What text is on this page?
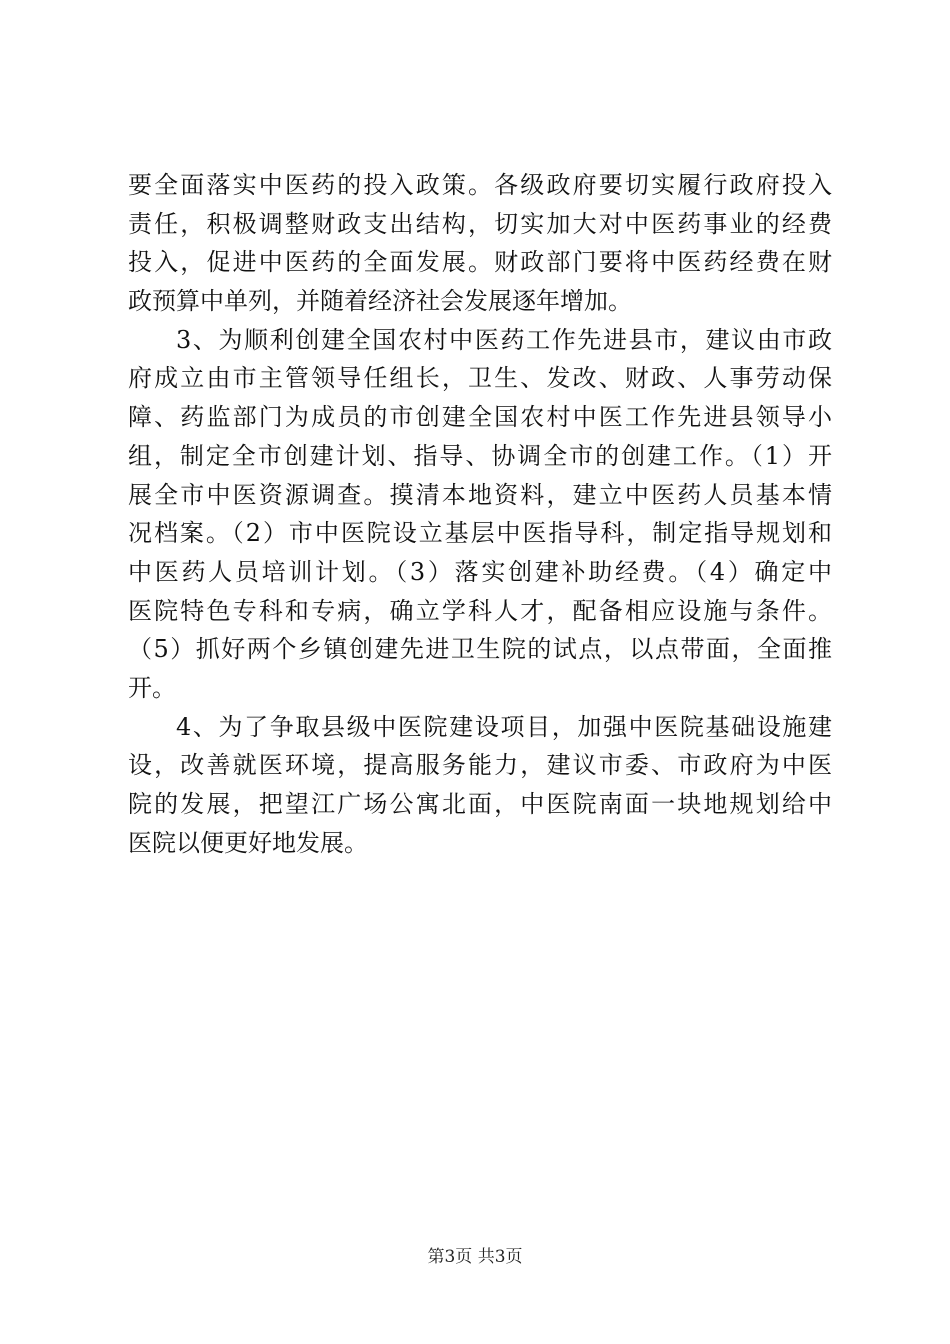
要全面落实中医药的投入政策。各级政府要切实履行政府投入
责任，积极调整财政支出结构，切实加大对中医药事业的经费
投入，促进中医药的全面发展。财政部门要将中医药经费在财
政预算中单列，并随着经济社会发展逐年增加。
3、为顺利创建全国农村中医药工作先进县市，建议由市政
府成立由市主管领导任组长，卫生、发改、财政、人事劳动保
障、药监部门为成员的市创建全国农村中医工作先进县领导小
组，制定全市创建计划、指导、协调全市的创建工作。（1）开
展全市中医资源调查。摸清本地资料，建立中医药人员基本情
况档案。（2）市中医院设立基层中医指导科，制定指导规划和
中医药人员培训计划。（3）落实创建补助经费。（4）确定中
医院特色专科和专病，确立学科人才，配备相应设施与条件。
（5）抓好两个乡镇创建先进卫生院的试点，以点带面，全面推
开。
4、为了争取县级中医院建设项目，加强中医院基础设施建
设，改善就医环境，提高服务能力，建议市委、市政府为中医
院的发展，把望江广场公寓北面，中医院南面一块地规划给中
医院以便更好地发展。
第3页 共3页
